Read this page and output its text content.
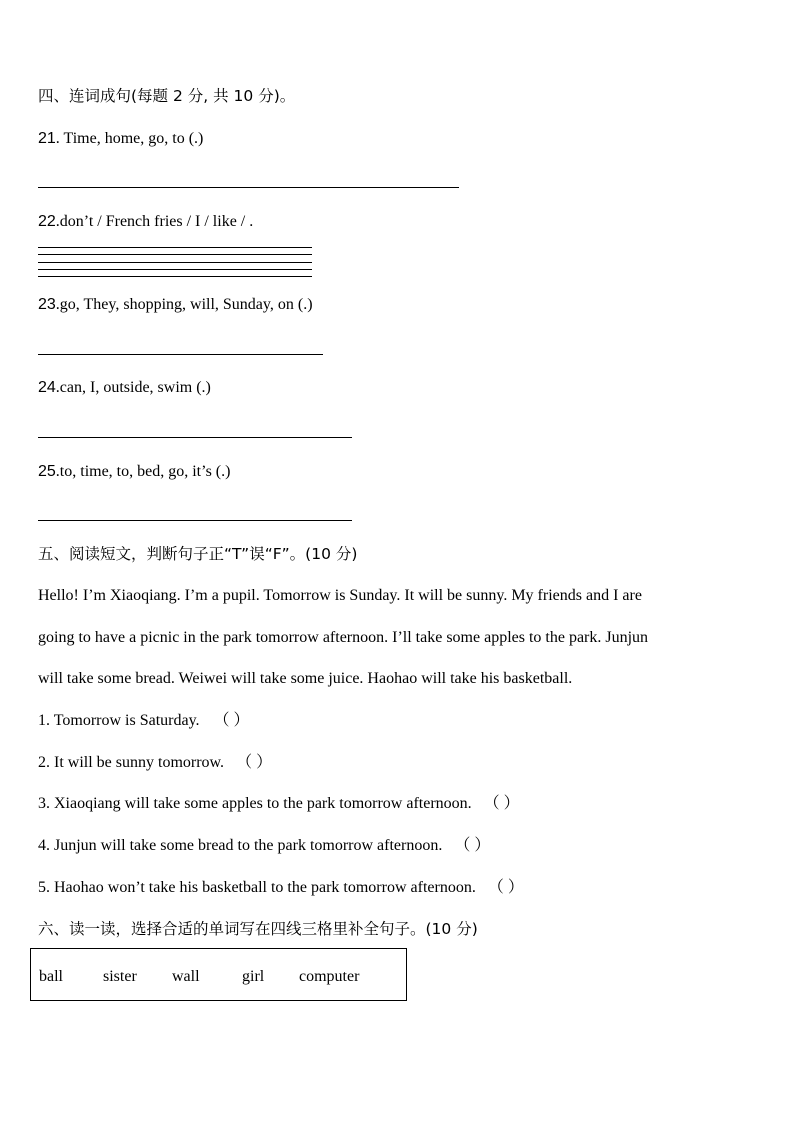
四、连词成句(每题 2 分, 共 10 分)。
21. Time, home, go, to (.)
22.don’t / French fries / I / like / .
23.go, They, shopping, will, Sunday, on (.)
24.can, I, outside, swim (.)
25.to, time, to, bed, go, it’s (.)
五、阅读短文，判断句子正“T”误“F”。(10 分)
Hello! I’m Xiaoqiang. I’m a pupil. Tomorrow is Sunday. It will be sunny. My friends and I are
going to have a picnic in the park tomorrow afternoon. I’ll take some apples to the park. Junjun
will take some bread. Weiwei will take some juice. Haohao will take his basketball.
1. Tomorrow is Saturday. （ ）
2. It will be sunny tomorrow. （ ）
3. Xiaoqiang will take some apples to the park tomorrow afternoon. （ ）
4. Junjun will take some bread to the park tomorrow afternoon. （ ）
5. Haohao won’t take his basketball to the park tomorrow afternoon. （ ）
六、读一读，选择合适的单词写在四线三格里补全句子。(10 分)
ball	sister wall	girl computer
